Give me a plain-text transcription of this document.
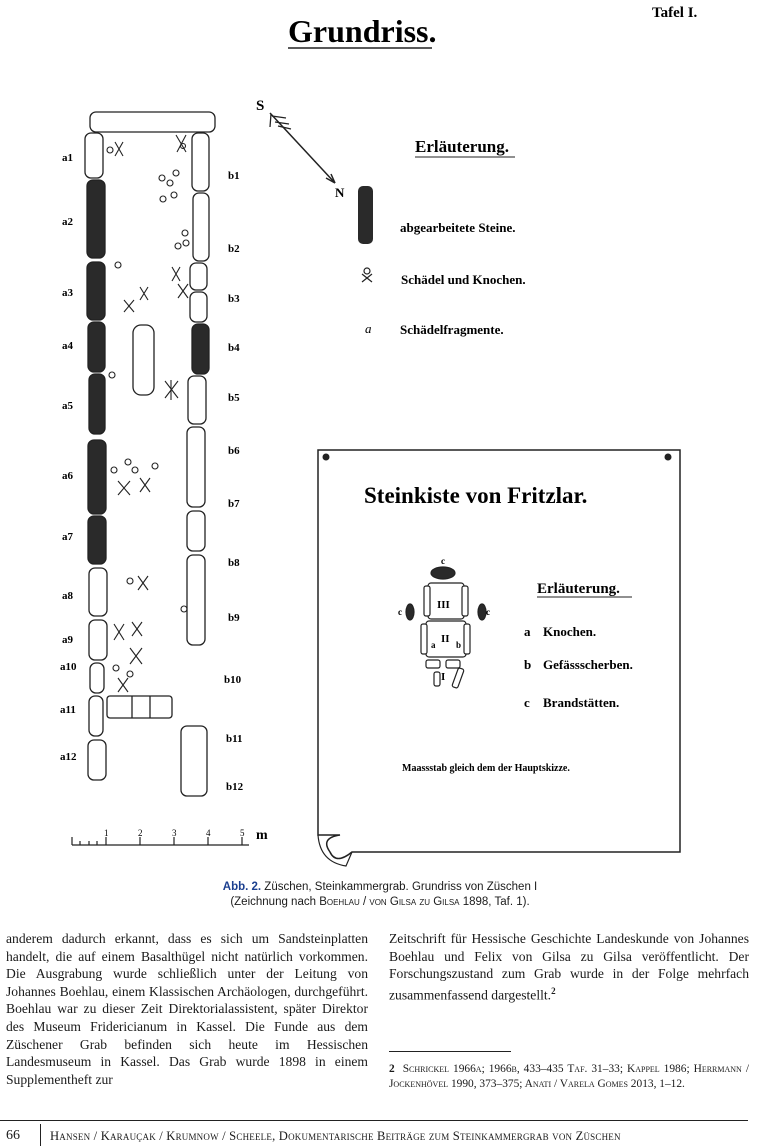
Grundriss.	Tafel I.
S
N
Erläuterung.
abgearbeitete Steine.
Schädel und Knochen.
a Schädelfragmente.
a1
a2
a3
a4
a5
a6
a7
a8
a9
a10
a11
a12
b1
b2
b3
b4
b5
b6
b7
b8
b9
b10
b11
b12
1	2	3	4	5 m
Steinkiste von Fritzlar.
Erläuterung.
a Knochen.
b Gefässscherben.
c Brandstätten.
Maassstab gleich dem der Hauptskizze.
III
II
I
c
c	c
a b
Abb. 2. Züschen, Steinkammergrab. Grundriss von Züschen I
(Zeichnung nach Boehlau / von Gilsa zu Gilsa 1898, Taf. 1).
anderem dadurch erkannt, dass es sich um Sandsteinplatten handelt, die auf einem Basalthügel nicht natürlich vorkommen. Die Ausgrabung wurde schließlich unter der Leitung von Johannes Boehlau, einem Klassischen Archäologen, durchgeführt. Boehlau war zu dieser Zeit Direktorialassistent, später Direktor des Museum Fridericianum in Kassel. Die Funde aus dem Züschener Grab befinden sich heute im Hessischen Landesmuseum in Kassel. Das Grab wurde 1898 in einem Supplementheft zur
Zeitschrift für Hessische Geschichte Landeskunde von Johannes Boehlau und Felix von Gilsa zu Gilsa veröffentlicht. Der Forschungszustand zum Grab wurde in der Folge mehrfach zusammenfassend dargestellt.$^2$
2 Schrickel 1966a; 1966b, 433–435 Taf. 31–33; Kappel 1986; Herrmann / Jockenhövel 1990, 373–375; Anati / Varela Gomes 2013, 1–12.
66 Hansen / Karauçak / Krumnow / Scheele, Dokumentarische Beiträge zum Steinkammergrab von Züschen
